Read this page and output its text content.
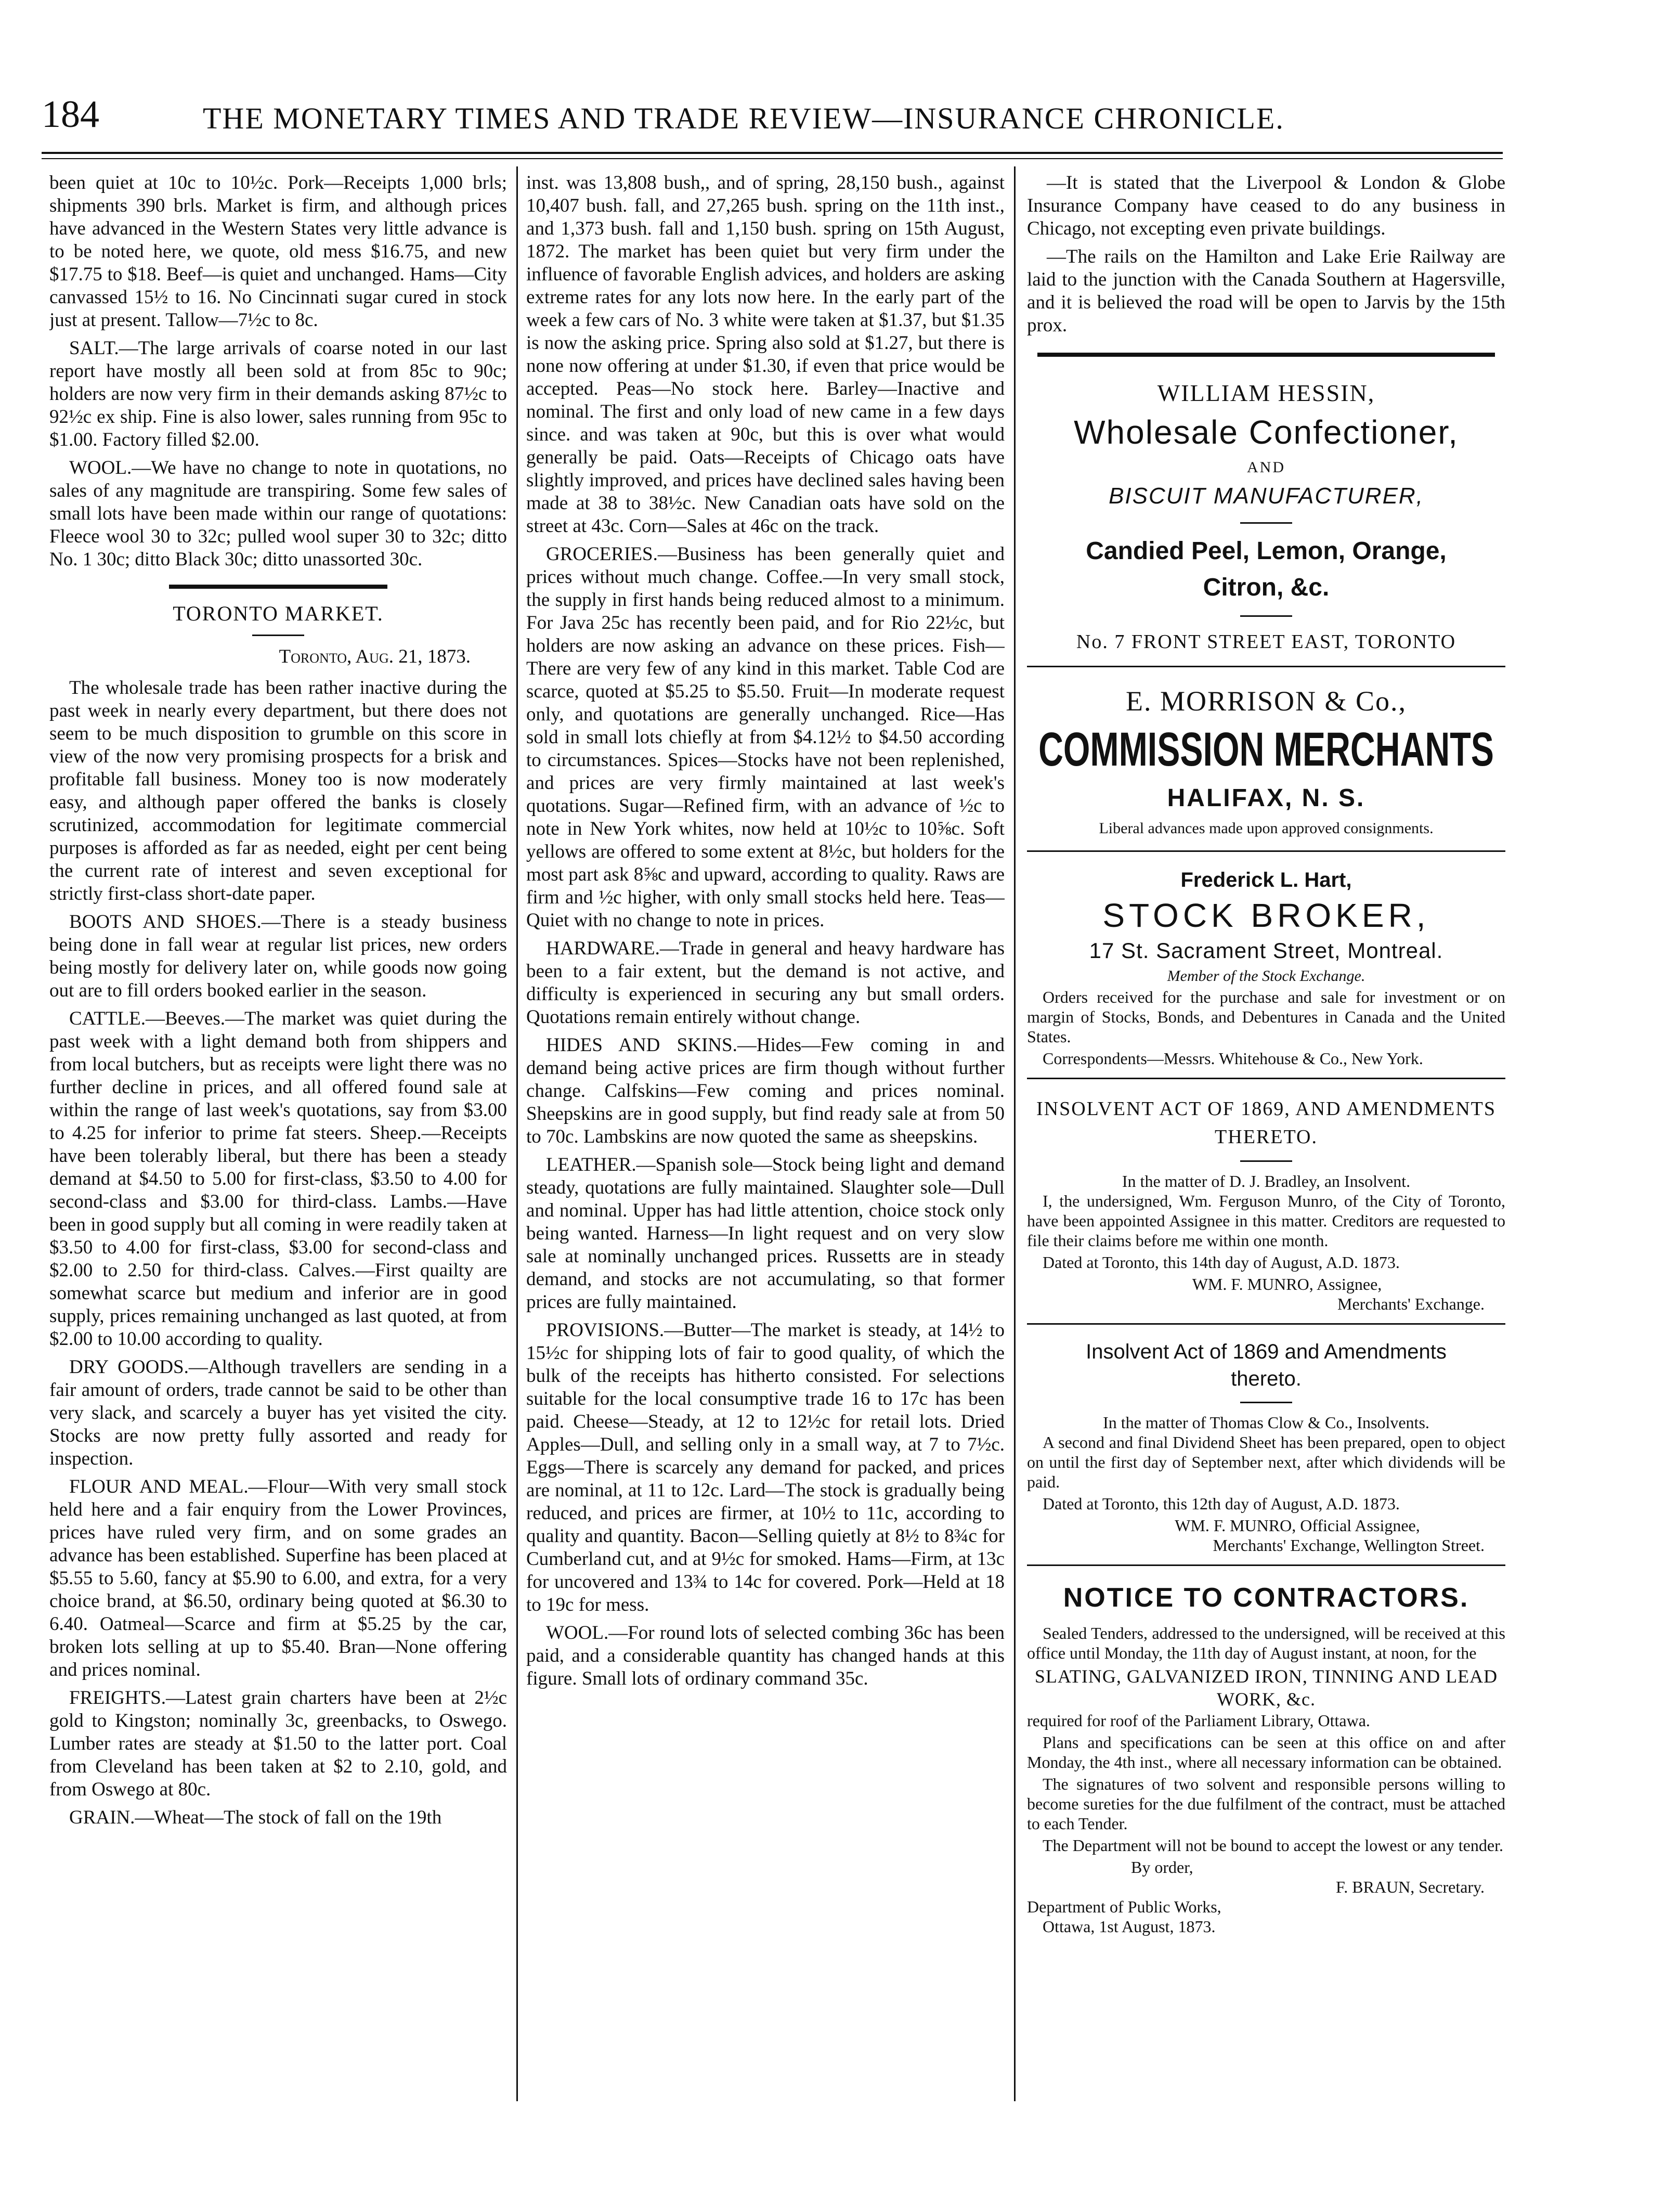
184	THE MONETARY TIMES AND TRADE REVIEW—INSURANCE CHRONICLE.

been quiet at 10c to 10½c. Pork—Receipts 1,000 brls; shipments 390 brls. Market is firm, and although prices have advanced in the Western States very little advance is to be noted here, we quote, old mess $16.75, and new $17.75 to $18. Beef—is quiet and unchanged. Hams—City canvassed 15½ to 16. No Cincinnati sugar cured in stock just at present. Tallow—7½c to 8c.

SALT.—The large arrivals of coarse noted in our last report have mostly all been sold at from 85c to 90c; holders are now very firm in their demands asking 87½c to 92½c ex ship. Fine is also lower, sales running from 95c to $1.00. Factory filled $2.00.

WOOL.—We have no change to note in quotations, no sales of any magnitude are transpiring. Some few sales of small lots have been made within our range of quotations: Fleece wool 30 to 32c; pulled wool super 30 to 32c; ditto No. 1 30c; ditto Black 30c; ditto unassorted 30c.

TORONTO MARKET.
Toronto, Aug. 21, 1873.

The wholesale trade has been rather inactive during the past week in nearly every department, but there does not seem to be much disposition to grumble on this score in view of the now very promising prospects for a brisk and profitable fall business. Money too is now moderately easy, and although paper offered the banks is closely scrutinized, accommodation for legitimate commercial purposes is afforded as far as needed, eight per cent being the current rate of interest and seven exceptional for strictly first-class short-date paper.

BOOTS AND SHOES.—There is a steady business being done in fall wear at regular list prices, new orders being mostly for delivery later on, while goods now going out are to fill orders booked earlier in the season.

CATTLE.—Beeves.—The market was quiet during the past week with a light demand both from shippers and from local butchers, but as receipts were light there was no further decline in prices, and all offered found sale at within the range of last week's quotations, say from $3.00 to 4.25 for inferior to prime fat steers. Sheep.—Receipts have been tolerably liberal, but there has been a steady demand at $4.50 to 5.00 for first-class, $3.50 to 4.00 for second-class and $3.00 for third-class. Lambs.—Have been in good supply but all coming in were readily taken at $3.50 to 4.00 for first-class, $3.00 for second-class and $2.00 to 2.50 for third-class. Calves.—First quailty are somewhat scarce but medium and inferior are in good supply, prices remaining unchanged as last quoted, at from $2.00 to 10.00 according to quality.

DRY GOODS.—Although travellers are sending in a fair amount of orders, trade cannot be said to be other than very slack, and scarcely a buyer has yet visited the city. Stocks are now pretty fully assorted and ready for inspection.

FLOUR AND MEAL.—Flour—With very small stock held here and a fair enquiry from the Lower Provinces, prices have ruled very firm, and on some grades an advance has been established. Superfine has been placed at $5.55 to 5.60, fancy at $5.90 to 6.00, and extra, for a very choice brand, at $6.50, ordinary being quoted at $6.30 to 6.40. Oatmeal—Scarce and firm at $5.25 by the car, broken lots selling at up to $5.40. Bran—None offering and prices nominal.

FREIGHTS.—Latest grain charters have been at 2½c gold to Kingston; nominally 3c, greenbacks, to Oswego. Lumber rates are steady at $1.50 to the latter port. Coal from Cleveland has been taken at $2 to 2.10, gold, and from Oswego at 80c.

GRAIN.—Wheat—The stock of fall on the 19th

inst. was 13,808 bush,, and of spring, 28,150 bush., against 10,407 bush. fall, and 27,265 bush. spring on the 11th inst., and 1,373 bush. fall and 1,150 bush. spring on 15th August, 1872. The market has been quiet but very firm under the influence of favorable English advices, and holders are asking extreme rates for any lots now here. In the early part of the week a few cars of No. 3 white were taken at $1.37, but $1.35 is now the asking price. Spring also sold at $1.27, but there is none now offering at under $1.30, if even that price would be accepted. Peas—No stock here. Barley—Inactive and nominal. The first and only load of new came in a few days since. and was taken at 90c, but this is over what would generally be paid. Oats—Receipts of Chicago oats have slightly improved, and prices have declined sales having been made at 38 to 38½c. New Canadian oats have sold on the street at 43c. Corn—Sales at 46c on the track.

GROCERIES.—Business has been generally quiet and prices without much change. Coffee.—In very small stock, the supply in first hands being reduced almost to a minimum. For Java 25c has recently been paid, and for Rio 22½c, but holders are now asking an advance on these prices. Fish—There are very few of any kind in this market. Table Cod are scarce, quoted at $5.25 to $5.50. Fruit—In moderate request only, and quotations are generally unchanged. Rice—Has sold in small lots chiefly at from $4.12½ to $4.50 according to circumstances. Spices—Stocks have not been replenished, and prices are very firmly maintained at last week's quotations. Sugar—Refined firm, with an advance of ½c to note in New York whites, now held at 10½c to 10⅝c. Soft yellows are offered to some extent at 8½c, but holders for the most part ask 8⅝c and upward, according to quality. Raws are firm and ½c higher, with only small stocks held here. Teas—Quiet with no change to note in prices.

HARDWARE.—Trade in general and heavy hardware has been to a fair extent, but the demand is not active, and difficulty is experienced in securing any but small orders. Quotations remain entirely without change.

HIDES AND SKINS.—Hides—Few coming in and demand being active prices are firm though without further change. Calfskins—Few coming and prices nominal. Sheepskins are in good supply, but find ready sale at from 50 to 70c. Lambskins are now quoted the same as sheepskins.

LEATHER.—Spanish sole—Stock being light and demand steady, quotations are fully maintained. Slaughter sole—Dull and nominal. Upper has had little attention, choice stock only being wanted. Harness—In light request and on very slow sale at nominally unchanged prices. Russetts are in steady demand, and stocks are not accumulating, so that former prices are fully maintained.

PROVISIONS.—Butter—The market is steady, at 14½ to 15½c for shipping lots of fair to good quality, of which the bulk of the receipts has hitherto consisted. For selections suitable for the local consumptive trade 16 to 17c has been paid. Cheese—Steady, at 12 to 12½c for retail lots. Dried Apples—Dull, and selling only in a small way, at 7 to 7½c. Eggs—There is scarcely any demand for packed, and prices are nominal, at 11 to 12c. Lard—The stock is gradually being reduced, and prices are firmer, at 10½ to 11c, according to quality and quantity. Bacon—Selling quietly at 8½ to 8¾c for Cumberland cut, and at 9½c for smoked. Hams—Firm, at 13c for uncovered and 13¾ to 14c for covered. Pork—Held at 18 to 19c for mess.

WOOL.—For round lots of selected combing 36c has been paid, and a considerable quantity has changed hands at this figure. Small lots of ordinary command 35c.

—It is stated that the Liverpool & London & Globe Insurance Company have ceased to do any business in Chicago, not excepting even private buildings.

—The rails on the Hamilton and Lake Erie Railway are laid to the junction with the Canada Southern at Hagersville, and it is believed the road will be open to Jarvis by the 15th prox.

WILLIAM HESSIN,
Wholesale Confectioner,
AND
BISCUIT MANUFACTURER,
Candied Peel, Lemon, Orange, Citron, &c.
No. 7 FRONT STREET EAST, TORONTO
E. MORRISON & Co.,
COMMISSION MERCHANTS
HALIFAX, N. S.
Liberal advances made upon approved consignments.
Frederick L. Hart,
STOCK BROKER,
17 St. Sacrament Street, Montreal.
Member of the Stock Exchange.

Orders received for the purchase and sale for investment or on margin of Stocks, Bonds, and Debentures in Canada and the United States.

Correspondents—Messrs. Whitehouse & Co., New York.

INSOLVENT ACT OF 1869, AND AMENDMENTS THERETO.
In the matter of D. J. Bradley, an Insolvent.

I, the undersigned, Wm. Ferguson Munro, of the City of Toronto, have been appointed Assignee in this matter. Creditors are requested to file their claims before me within one month.

Dated at Toronto, this 14th day of August, A.D. 1873.

WM. F. MUNRO, Assignee,
Merchants' Exchange.
Insolvent Act of 1869 and Amendments thereto.
In the matter of Thomas Clow & Co., Insolvents.

A second and final Dividend Sheet has been prepared, open to object on until the first day of September next, after which dividends will be paid.

Dated at Toronto, this 12th day of August, A.D. 1873.

WM. F. MUNRO, Official Assignee,
Merchants' Exchange, Wellington Street.
NOTICE TO CONTRACTORS.

Sealed Tenders, addressed to the undersigned, will be received at this office until Monday, the 11th day of August instant, at noon, for the

SLATING, GALVANIZED IRON, TINNING AND LEAD WORK, &c.

required for roof of the Parliament Library, Ottawa.

Plans and specifications can be seen at this office on and after Monday, the 4th inst., where all necessary information can be obtained.

The signatures of two solvent and responsible persons willing to become sureties for the due fulfilment of the contract, must be attached to each Tender.

The Department will not be bound to accept the lowest or any tender.

By order,
F. BRAUN, Secretary.
Department of Public Works,
Ottawa, 1st August, 1873.
